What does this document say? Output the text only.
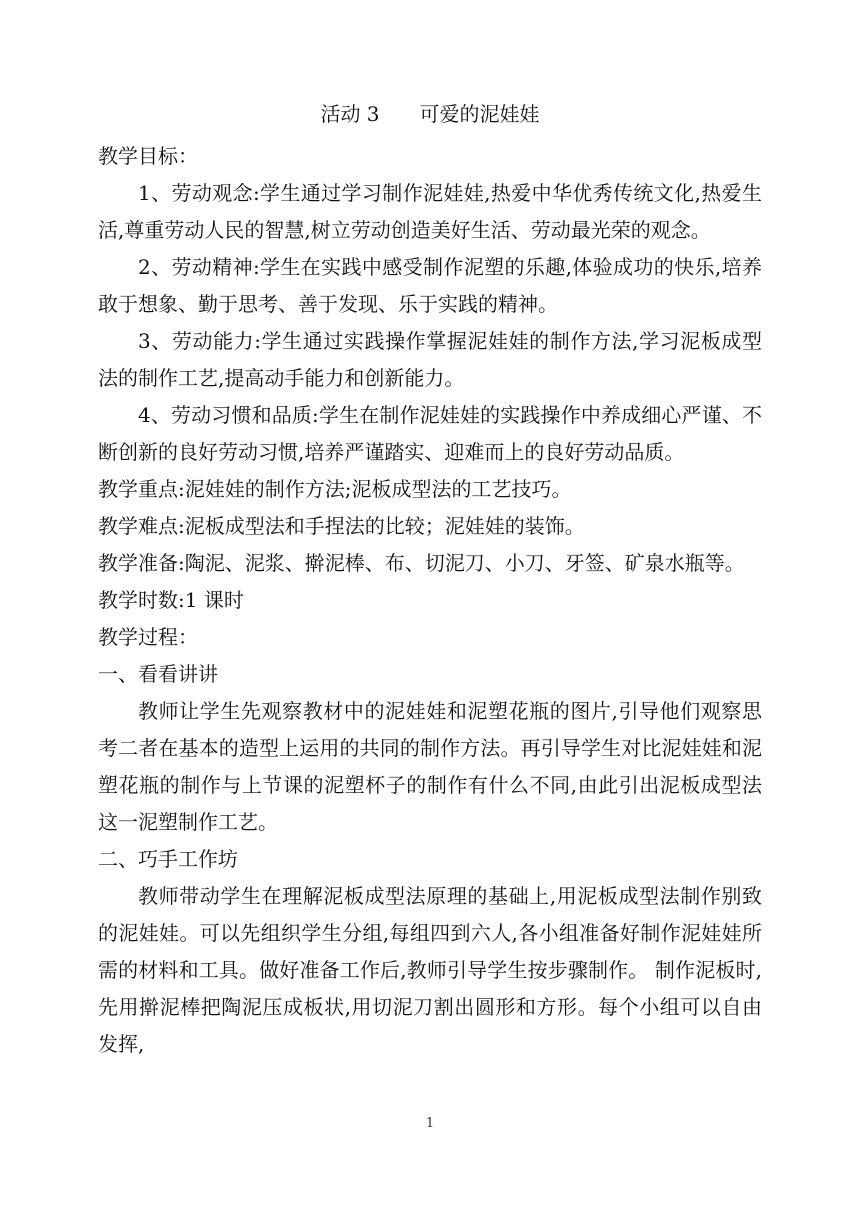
活动 3　　可爱的泥娃娃

教学目标：

1、劳动观念:学生通过学习制作泥娃娃,热爱中华优秀传统文化,热爱生活,尊重劳动人民的智慧,树立劳动创造美好生活、劳动最光荣的观念。

2、劳动精神:学生在实践中感受制作泥塑的乐趣,体验成功的快乐,培养敢于想象、勤于思考、善于发现、乐于实践的精神。

3、劳动能力:学生通过实践操作掌握泥娃娃的制作方法,学习泥板成型法的制作工艺,提高动手能力和创新能力。

4、劳动习惯和品质:学生在制作泥娃娃的实践操作中养成细心严谨、不断创新的良好劳动习惯,培养严谨踏实、迎难而上的良好劳动品质。

教学重点:泥娃娃的制作方法;泥板成型法的工艺技巧。

教学难点:泥板成型法和手捏法的比较；泥娃娃的装饰。

教学准备:陶泥、泥浆、擀泥棒、布、切泥刀、小刀、牙签、矿泉水瓶等。

教学时数:1 课时

教学过程：

一、看看讲讲

教师让学生先观察教材中的泥娃娃和泥塑花瓶的图片,引导他们观察思考二者在基本的造型上运用的共同的制作方法。再引导学生对比泥娃娃和泥塑花瓶的制作与上节课的泥塑杯子的制作有什么不同,由此引出泥板成型法这一泥塑制作工艺。

二、巧手工作坊

教师带动学生在理解泥板成型法原理的基础上,用泥板成型法制作别致的泥娃娃。可以先组织学生分组,每组四到六人,各小组准备好制作泥娃娃所需的材料和工具。做好准备工作后,教师引导学生按步骤制作。 制作泥板时,先用擀泥棒把陶泥压成板状,用切泥刀割出圆形和方形。每个小组可以自由发挥,

1
